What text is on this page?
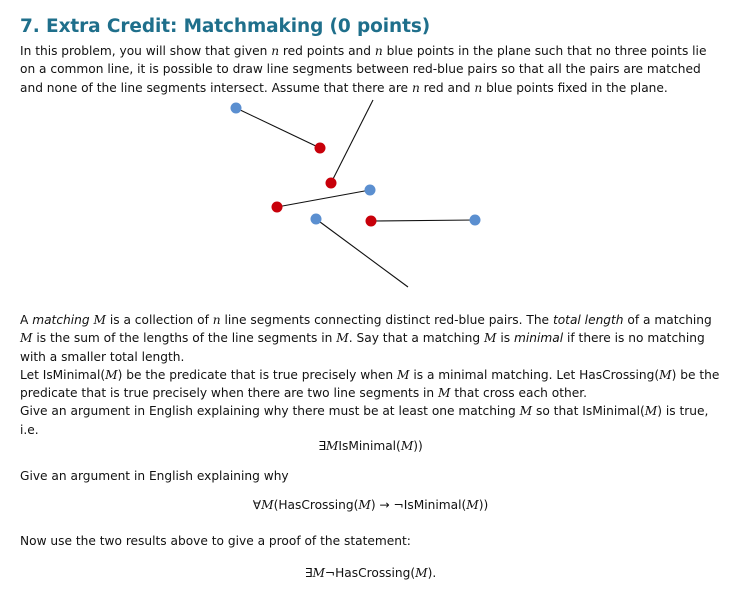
7. Extra Credit: Matchmaking (0 points)
In this problem, you will show that given n red points and n blue points in the plane such that no three points lie on a common line, it is possible to draw line segments between red-blue pairs so that all the pairs are matched and none of the line segments intersect. Assume that there are n red and n blue points fixed in the plane.
A matching M is a collection of n line segments connecting distinct red-blue pairs. The total length of a matching M is the sum of the lengths of the line segments in M. Say that a matching M is minimal if there is no matching with a smaller total length.
Let IsMinimal(M) be the predicate that is true precisely when M is a minimal matching. Let HasCrossing(M) be the predicate that is true precisely when there are two line segments in M that cross each other.
Give an argument in English explaining why there must be at least one matching M so that IsMinimal(M) is true, i.e.
∃MIsMinimal(M))
Give an argument in English explaining why
∀M(HasCrossing(M) → ¬IsMinimal(M))
Now use the two results above to give a proof of the statement:
∃M¬HasCrossing(M).
